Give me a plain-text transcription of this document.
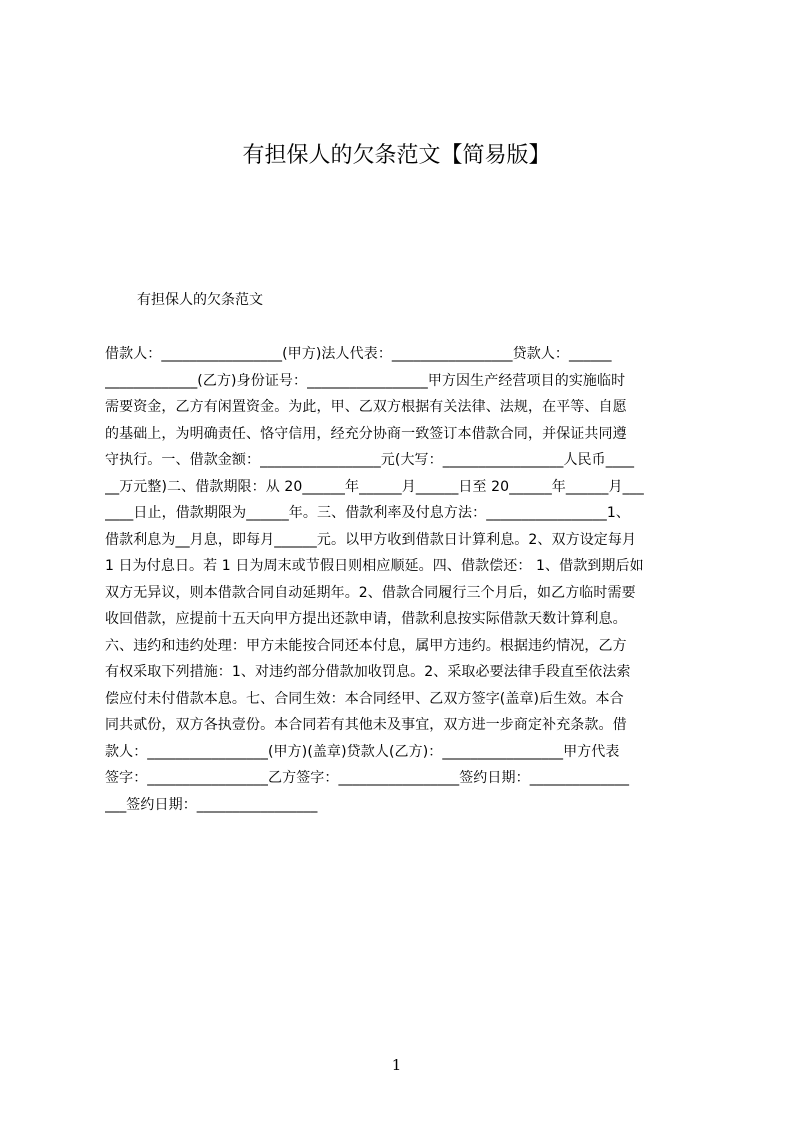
有担保人的欠条范文【简易版】
有担保人的欠条范文
借款人：_________________(甲方)法人代表：_________________贷款人：______
_____________(乙方)身份证号：_________________甲方因生产经营项目的实施临时
需要资金，乙方有闲置资金。为此，甲、乙双方根据有关法律、法规，在平等、自愿
的基础上，为明确责任、恪守信用，经充分协商一致签订本借款合同，并保证共同遵
守执行。一、借款金额：_________________元(大写：_________________人民币____
__万元整)二、借款期限：从 20______年______月______日至 20______年______月___
____日止，借款期限为______年。三、借款利率及付息方法：_________________1、
借款利息为__月息，即每月______元。以甲方收到借款日计算利息。2、双方设定每月
1 日为付息日。若 1 日为周末或节假日则相应顺延。四、借款偿还： 1、借款到期后如
双方无异议，则本借款合同自动延期年。2、借款合同履行三个月后，如乙方临时需要
收回借款，应提前十五天向甲方提出还款申请，借款利息按实际借款天数计算利息。
六、违约和违约处理：甲方未能按合同还本付息，属甲方违约。根据违约情况，乙方
有权采取下列措施：1、对违约部分借款加收罚息。2、采取必要法律手段直至依法索
偿应付未付借款本息。七、合同生效：本合同经甲、乙双方签字(盖章)后生效。本合
同共贰份，双方各执壹份。本合同若有其他未及事宜，双方进一步商定补充条款。借
款人：_________________(甲方)(盖章)贷款人(乙方)：_________________甲方代表
签字：_________________乙方签字：_________________签约日期：______________
___签约日期：_________________
1
